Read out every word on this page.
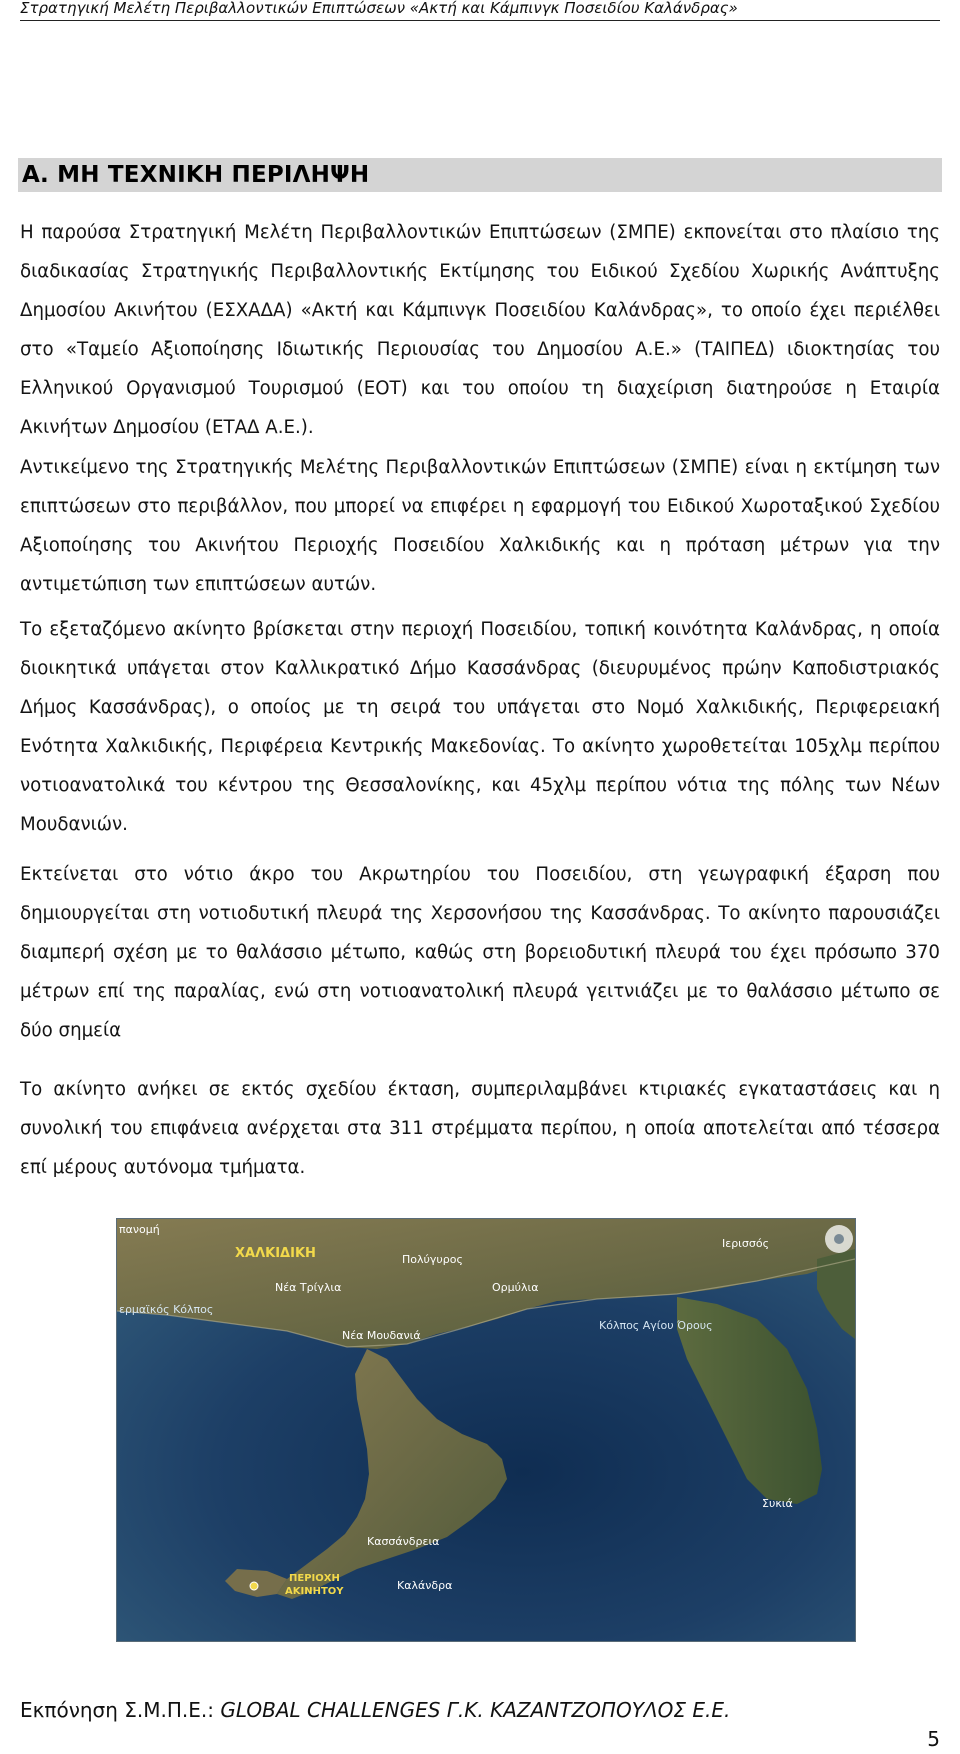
Στρατηγική Μελέτη Περιβαλλοντικών Επιπτώσεων «Ακτή και Κάμπινγκ Ποσειδίου Καλάνδρας»
Α. ΜΗ ΤΕΧΝΙΚΗ ΠΕΡΙΛΗΨΗ
Η παρούσα Στρατηγική Μελέτη Περιβαλλοντικών Επιπτώσεων (ΣΜΠΕ) εκπονείται στο πλαίσιο της διαδικασίας Στρατηγικής Περιβαλλοντικής Εκτίμησης του Ειδικού Σχεδίου Χωρικής Ανάπτυξης Δημοσίου Ακινήτου (ΕΣΧΑΔΑ) «Ακτή και Κάμπινγκ Ποσειδίου Καλάνδρας», το οποίο έχει περιέλθει στο «Ταμείο Αξιοποίησης Ιδιωτικής Περιουσίας του Δημοσίου Α.Ε.» (ΤΑΙΠΕΔ) ιδιοκτησίας του Ελληνικού Οργανισμού Τουρισμού (ΕΟΤ) και του οποίου τη διαχείριση διατηρούσε η Εταιρία Ακινήτων Δημοσίου (ΕΤΑΔ Α.Ε.).
Αντικείμενο της Στρατηγικής Μελέτης Περιβαλλοντικών Επιπτώσεων (ΣΜΠΕ) είναι η εκτίμηση των επιπτώσεων στο περιβάλλον, που μπορεί να επιφέρει η εφαρμογή του Ειδικού Χωροταξικού Σχεδίου Αξιοποίησης του Ακινήτου Περιοχής Ποσειδίου Χαλκιδικής και η πρόταση μέτρων για την αντιμετώπιση των επιπτώσεων αυτών.
Το εξεταζόμενο ακίνητο βρίσκεται στην περιοχή Ποσειδίου, τοπική κοινότητα Καλάνδρας, η οποία διοικητικά υπάγεται στον Καλλικρατικό Δήμο Κασσάνδρας (διευρυμένος πρώην Καποδιστριακός Δήμος Κασσάνδρας), ο οποίος με τη σειρά του υπάγεται στο Νομό Χαλκιδικής, Περιφερειακή Ενότητα Χαλκιδικής, Περιφέρεια Κεντρικής Μακεδονίας. Το ακίνητο χωροθετείται 105χλμ περίπου νοτιοανατολικά του κέντρου της Θεσσαλονίκης, και 45χλμ περίπου νότια της πόλης των Νέων Μουδανιών.
Εκτείνεται στο νότιο άκρο του Ακρωτηρίου του Ποσειδίου, στη γεωγραφική έξαρση που δημιουργείται στη νοτιοδυτική πλευρά της Χερσονήσου της Κασσάνδρας. Το ακίνητο παρουσιάζει διαμπερή σχέση με το θαλάσσιο μέτωπο, καθώς στη βορειοδυτική πλευρά του έχει πρόσωπο 370 μέτρων επί της παραλίας, ενώ στη νοτιοανατολική πλευρά γειτνιάζει με το θαλάσσιο μέτωπο σε δύο σημεία
Το ακίνητο ανήκει σε εκτός σχεδίου έκταση, συμπεριλαμβάνει κτιριακές εγκαταστάσεις και η συνολική του επιφάνεια ανέρχεται στα 311 στρέμματα περίπου, η οποία αποτελείται από τέσσερα επί μέρους αυτόνομα τμήματα.
πανομή
ΧΑΛΚΙΔΙΚΗ	Πολύγυρος
Ιερισσός
ερμαϊκός Κόλπος
Νέα Τρίγλια	Ορμύλια
Κόλπος Αγίου Όρους
Νέα Μουδανιά
Κασσάνδρεια
Συκιά
ΠΕΡΙΟΧΗ
ΑΚΙΝΗΤΟΥ	Καλάνδρα
Εκπόνηση Σ.Μ.Π.Ε.: GLOBAL CHALLENGES Γ.Κ. ΚΑΖΑΝΤΖΟΠΟΥΛΟΣ Ε.Ε.
5
